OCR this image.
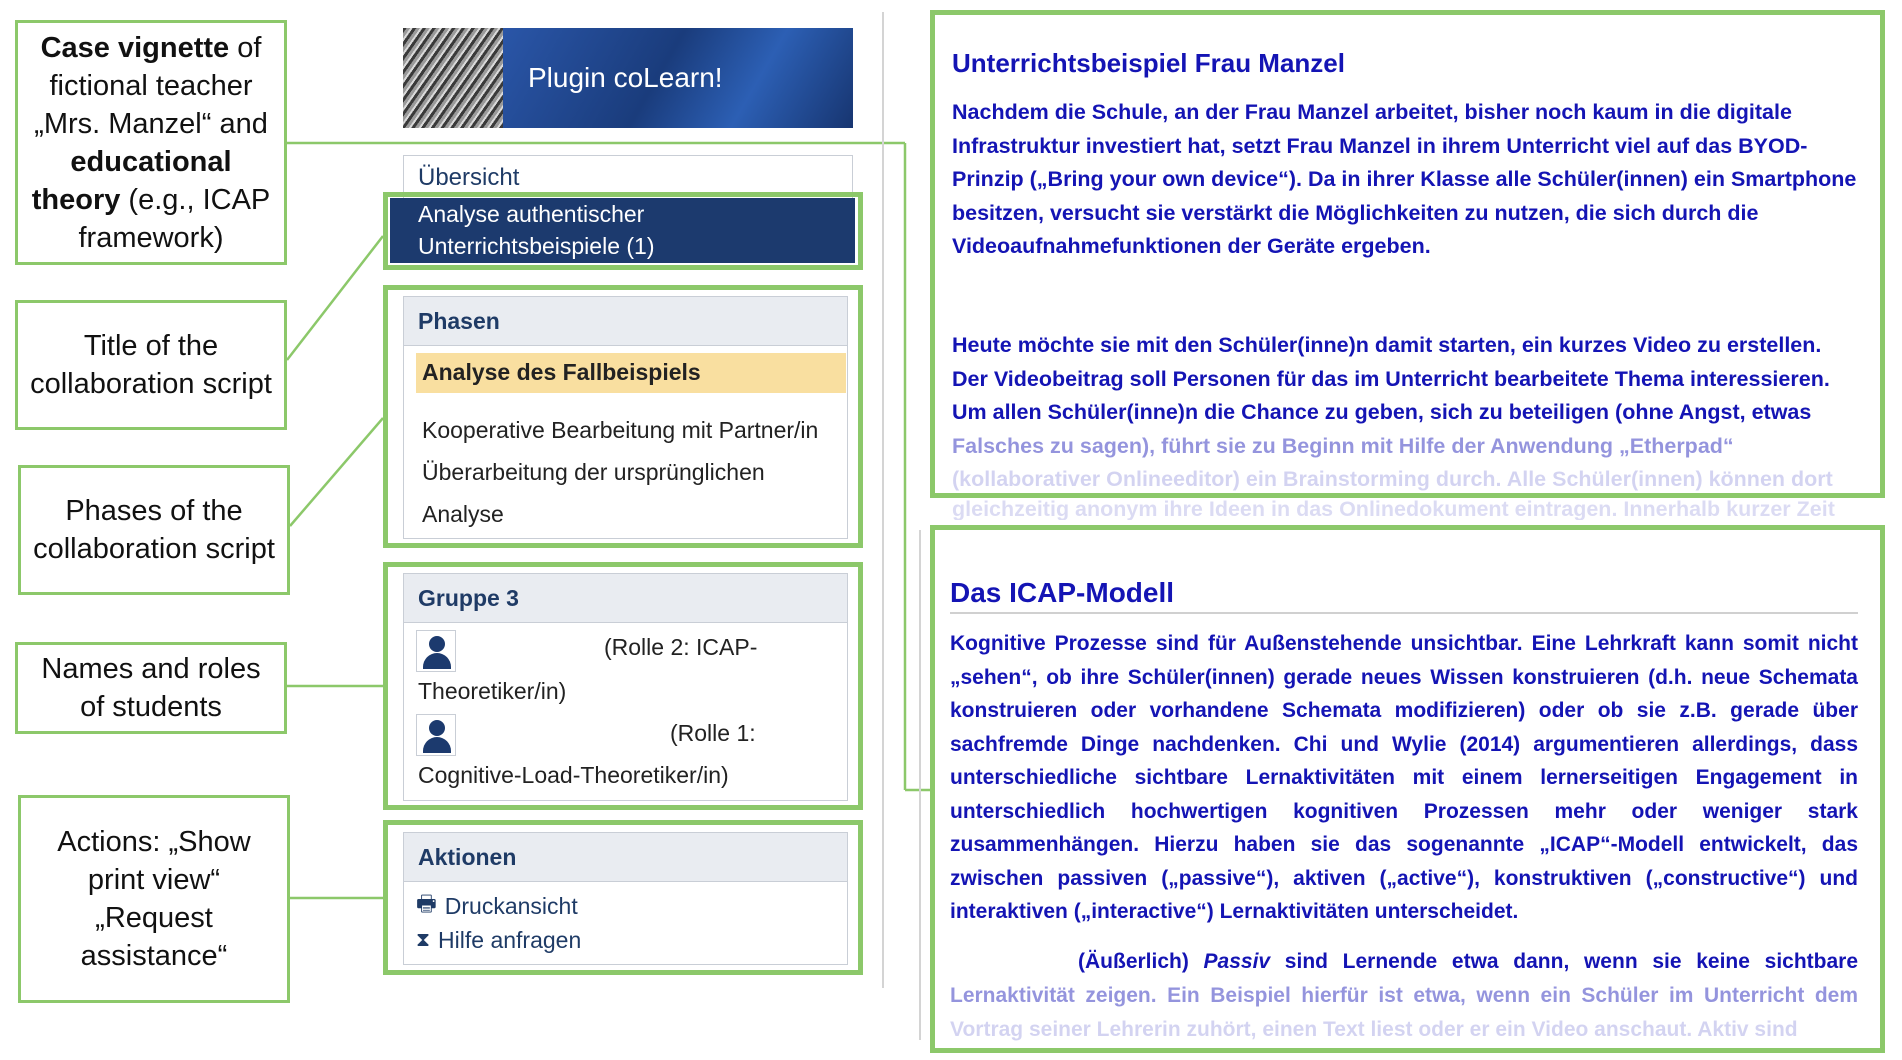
Case vignette of fictional teacher „Mrs. Manzel“ and educational theory (e.g., ICAP framework)
Title of the collaboration script
Phases of the collaboration script
Names and roles of students
Actions: „Show print view“ „Request assistance“
Plugin coLearn!
Übersicht
Analyse authentischer
Unterrichtsbeispiele (1)
Phasen
Analyse des Fallbeispiels
Kooperative Bearbeitung mit Partner/in
Überarbeitung der ursprünglichen
Analyse
Gruppe 3
(Rolle 2: ICAP-
Theoretiker/in)
(Rolle 1:
Cognitive-Load-Theoretiker/in)
Aktionen
🖶 Druckansicht
⧗ Hilfe anfragen
Unterrichtsbeispiel Frau Manzel
Nachdem die Schule, an der Frau Manzel arbeitet, bisher noch kaum in die digitale
Infrastruktur investiert hat, setzt Frau Manzel in ihrem Unterricht viel auf das BYOD-
Prinzip („Bring your own device“). Da in ihrer Klasse alle Schüler(innen) ein Smartphone
besitzen, versucht sie verstärkt die Möglichkeiten zu nutzen, die sich durch die
Videoaufnahmefunktionen der Geräte ergeben.
Heute möchte sie mit den Schüler(inne)n damit starten, ein kurzes Video zu erstellen.
Der Videobeitrag soll Personen für das im Unterricht bearbeitete Thema interessieren.
Um allen Schüler(inne)n die Chance zu geben, sich zu beteiligen (ohne Angst, etwas
Falsches zu sagen), führt sie zu Beginn mit Hilfe der Anwendung „Etherpad“
(kollaborativer Onlineeditor) ein Brainstorming durch. Alle Schüler(innen) können dort
gleichzeitig anonym ihre Ideen in das Onlinedokument eintragen. Innerhalb kurzer Zeit
Das ICAP-Modell
Kognitive Prozesse sind für Außenstehende unsichtbar. Eine Lehrkraft kann somit nicht
„sehen“, ob ihre Schüler(innen) gerade neues Wissen konstruieren (d.h. neue Schemata
konstruieren oder vorhandene Schemata modifizieren) oder ob sie z.B. gerade über
sachfremde Dinge nachdenken. Chi und Wylie (2014) argumentieren allerdings, dass
unterschiedliche sichtbare Lernaktivitäten mit einem lernerseitigen Engagement in
unterschiedlich hochwertigen kognitiven Prozessen mehr oder weniger stark
zusammenhängen. Hierzu haben sie das sogenannte „ICAP“-Modell entwickelt, das
zwischen passiven („passive“), aktiven („active“), konstruktiven („constructive“) und
interaktiven („interactive“) Lernaktivitäten unterscheidet.
(Äußerlich) Passiv sind Lernende etwa dann, wenn sie keine sichtbare
Lernaktivität zeigen. Ein Beispiel hierfür ist etwa, wenn ein Schüler im Unterricht dem
Vortrag seiner Lehrerin zuhört, einen Text liest oder er ein Video anschaut. Aktiv sind
